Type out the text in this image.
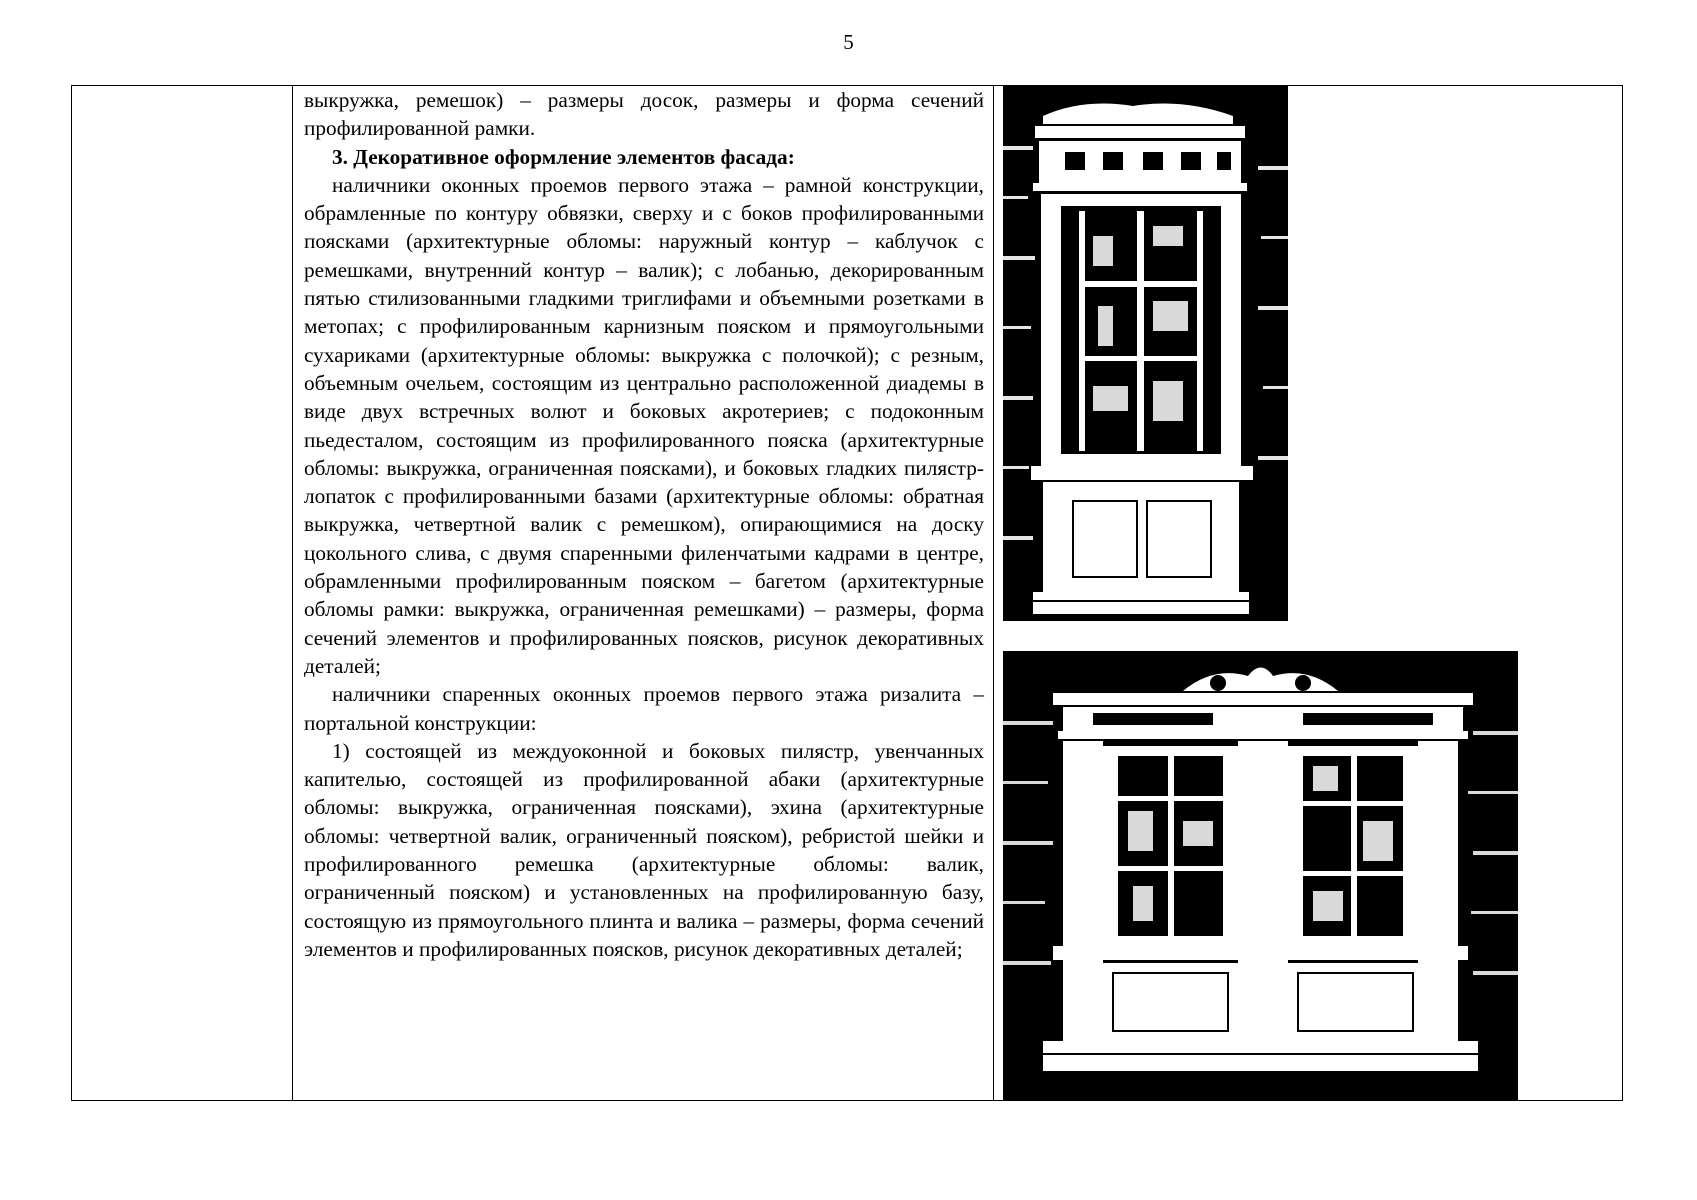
5

выкружка, ремешок) – размеры досок, размеры и форма сечений профилированной рамки.

3. Декоративное оформление элементов фасада:

наличники оконных проемов первого этажа – рамной конструкции, обрамленные по контуру обвязки, сверху и с боков профилированными поясками (архитектурные обломы: наружный контур – каблучок с ремешками, внутренний контур – валик); с лобанью, декорированным пятью стилизованными гладкими триглифами и объемными розетками в метопах; с профилированным карнизным пояском и прямоугольными сухариками (архитектурные обломы: выкружка с полочкой); с резным, объемным очельем, состоящим из центрально расположенной диадемы в виде двух встречных волют и боковых акротериев; с подоконным пьедесталом, состоящим из профилированного пояска (архитектурные обломы: выкружка, ограниченная поясками), и боковых гладких пилястр-лопаток с профилированными базами (архитектурные обломы: обратная выкружка, четвертной валик с ремешком), опирающимися на доску цокольного слива, с двумя спаренными филенчатыми кадрами в центре, обрамленными профилированным пояском – багетом (архитектурные обломы рамки: выкружка, ограниченная ремешками) – размеры, форма сечений элементов и профилированных поясков, рисунок декоративных деталей;

наличники спаренных оконных проемов первого этажа ризалита – портальной конструкции:

1) состоящей из междуоконной и боковых пилястр, увенчанных капителью, состоящей из профилированной абаки (архитектурные обломы: выкружка, ограниченная поясками), эхина (архитектурные обломы: четвертной валик, ограниченный пояском), ребристой шейки и профилированного ремешка (архитектурные обломы: валик, ограниченный пояском) и установленных на профилированную базу, состоящую из прямоугольного плинта и валика – размеры, форма сечений элементов и профилированных поясков, рисунок декоративных деталей;
